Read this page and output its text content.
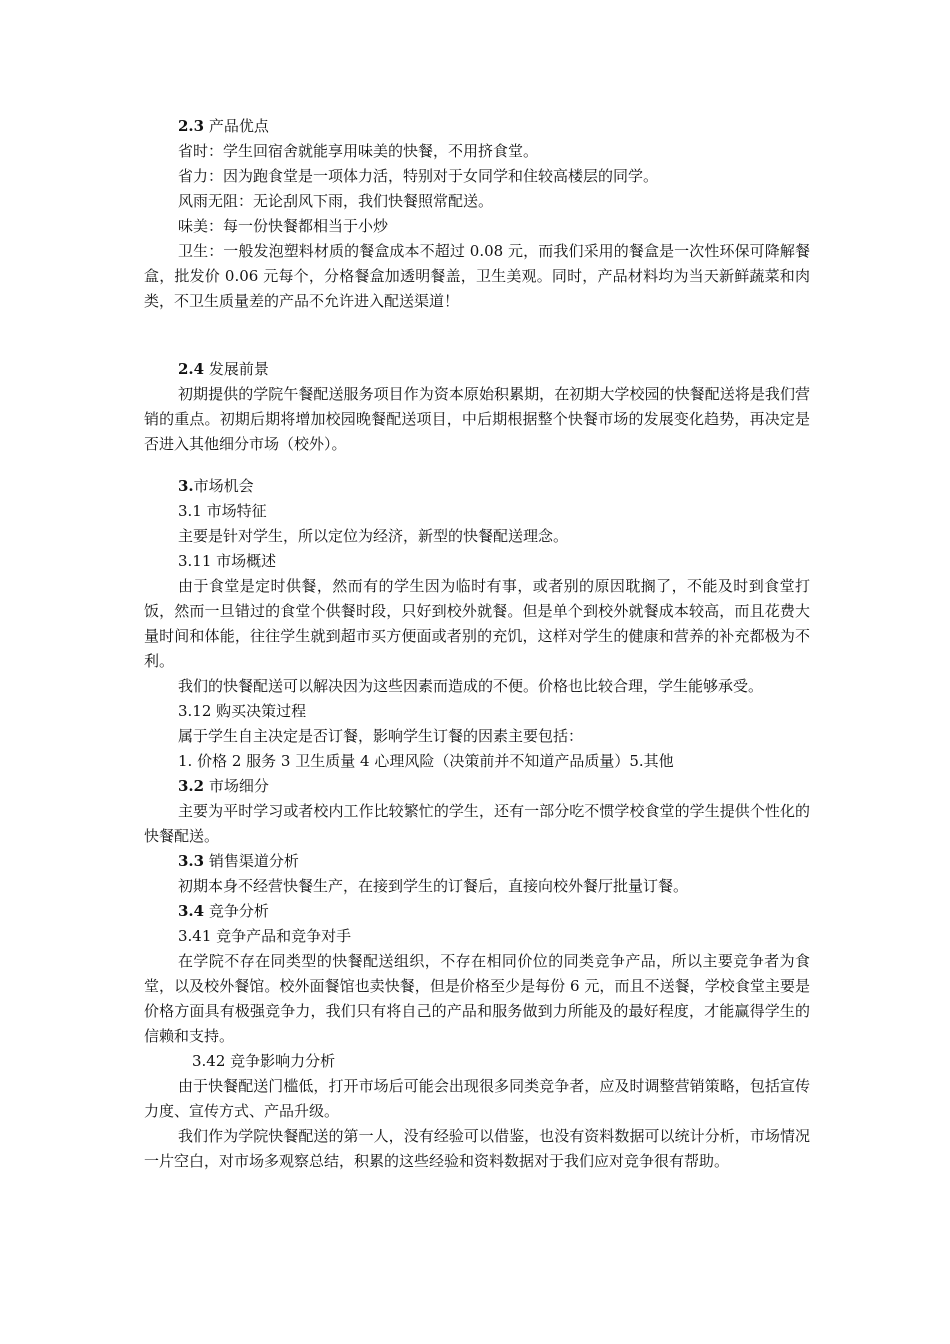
2.3 产品优点

省时：学生回宿舍就能享用味美的快餐，不用挤食堂。

省力：因为跑食堂是一项体力活，特别对于女同学和住较高楼层的同学。

风雨无阻：无论刮风下雨，我们快餐照常配送。

味美：每一份快餐都相当于小炒

卫生：一般发泡塑料材质的餐盒成本不超过 0.08 元，而我们采用的餐盒是一次性环保可降解餐盒，批发价 0.06 元每个，分格餐盒加透明餐盖，卫生美观。同时，产品材料均为当天新鲜蔬菜和肉类，不卫生质量差的产品不允许进入配送渠道！

2.4 发展前景

初期提供的学院午餐配送服务项目作为资本原始积累期，在初期大学校园的快餐配送将是我们营销的重点。初期后期将增加校园晚餐配送项目，中后期根据整个快餐市场的发展变化趋势，再决定是否进入其他细分市场（校外）。

3.市场机会

3.1 市场特征

主要是针对学生，所以定位为经济，新型的快餐配送理念。

3.11 市场概述

由于食堂是定时供餐，然而有的学生因为临时有事，或者别的原因耽搁了，不能及时到食堂打饭，然而一旦错过的食堂个供餐时段，只好到校外就餐。但是单个到校外就餐成本较高，而且花费大量时间和体能，往往学生就到超市买方便面或者别的充饥，这样对学生的健康和营养的补充都极为不利。

我们的快餐配送可以解决因为这些因素而造成的不便。价格也比较合理，学生能够承受。

3.12 购买决策过程

属于学生自主决定是否订餐，影响学生订餐的因素主要包括：

1. 价格 2 服务 3 卫生质量 4 心理风险（决策前并不知道产品质量）5.其他

3.2 市场细分

主要为平时学习或者校内工作比较繁忙的学生，还有一部分吃不惯学校食堂的学生提供个性化的快餐配送。

3.3 销售渠道分析

初期本身不经营快餐生产，在接到学生的订餐后，直接向校外餐厅批量订餐。

3.4 竞争分析

3.41 竞争产品和竞争对手

在学院不存在同类型的快餐配送组织，不存在相同价位的同类竞争产品，所以主要竞争者为食堂，以及校外餐馆。校外面餐馆也卖快餐，但是价格至少是每份 6 元，而且不送餐，学校食堂主要是价格方面具有极强竞争力，我们只有将自己的产品和服务做到力所能及的最好程度，才能赢得学生的信赖和支持。

3.42 竞争影响力分析

由于快餐配送门槛低，打开市场后可能会出现很多同类竞争者，应及时调整营销策略，包括宣传力度、宣传方式、产品升级。

我们作为学院快餐配送的第一人，没有经验可以借鉴，也没有资料数据可以统计分析，市场情况一片空白，对市场多观察总结，积累的这些经验和资料数据对于我们应对竞争很有帮助。
